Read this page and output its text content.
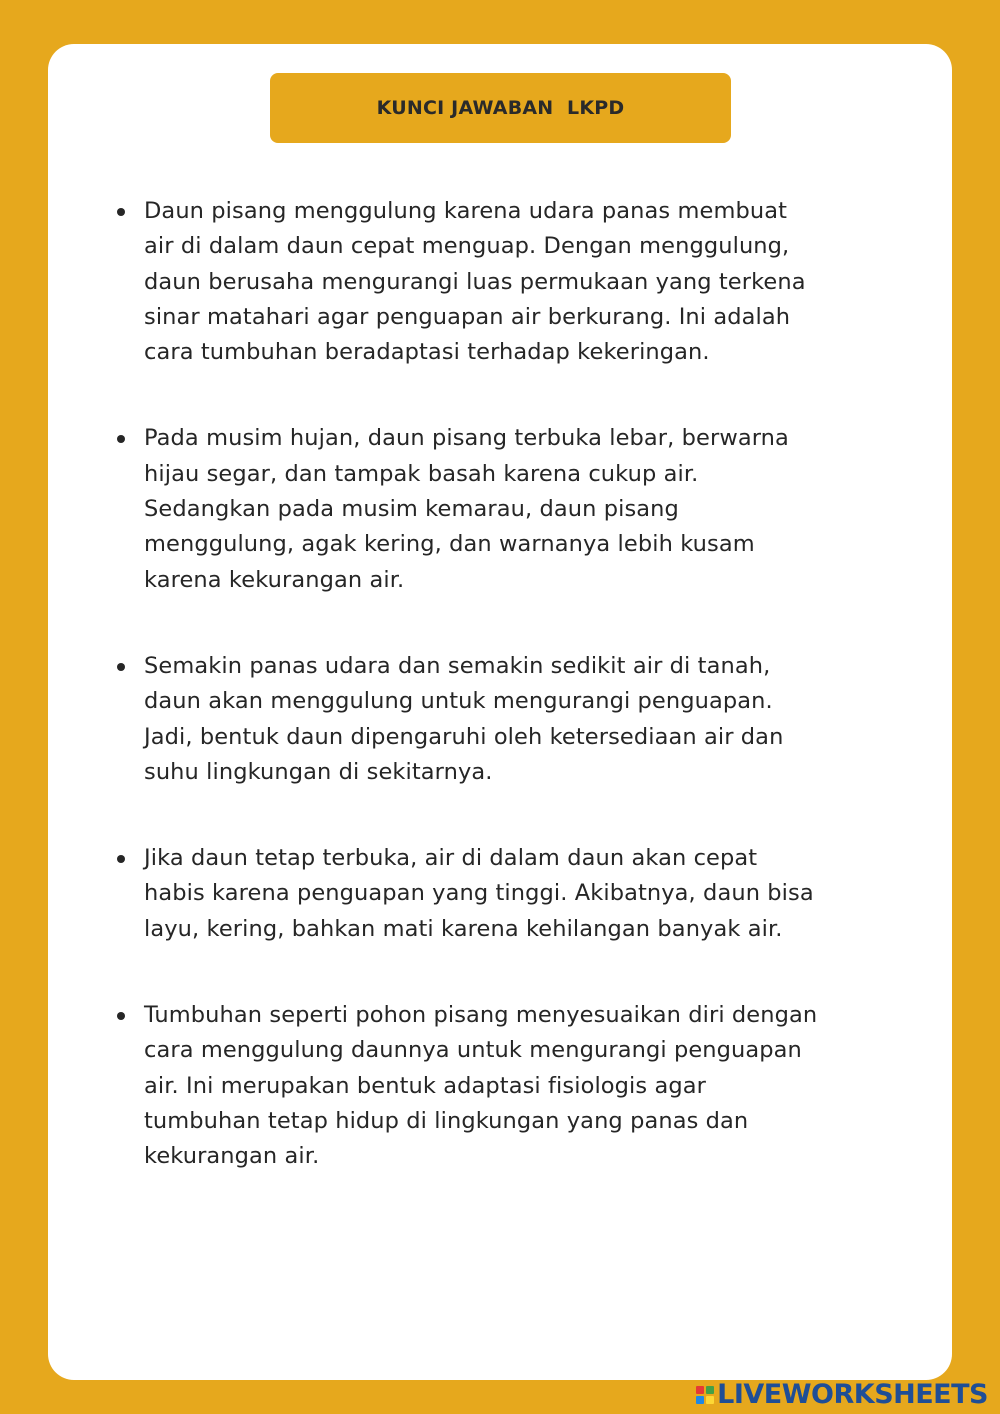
KUNCI JAWABAN  LKPD
Daun pisang menggulung karena udara panas membuat
air di dalam daun cepat menguap. Dengan menggulung,
daun berusaha mengurangi luas permukaan yang terkena
sinar matahari agar penguapan air berkurang. Ini adalah
cara tumbuhan beradaptasi terhadap kekeringan.
Pada musim hujan, daun pisang terbuka lebar, berwarna
hijau segar, dan tampak basah karena cukup air.
Sedangkan pada musim kemarau, daun pisang
menggulung, agak kering, dan warnanya lebih kusam
karena kekurangan air.
Semakin panas udara dan semakin sedikit air di tanah,
daun akan menggulung untuk mengurangi penguapan.
Jadi, bentuk daun dipengaruhi oleh ketersediaan air dan
suhu lingkungan di sekitarnya.
Jika daun tetap terbuka, air di dalam daun akan cepat
habis karena penguapan yang tinggi. Akibatnya, daun bisa
layu, kering, bahkan mati karena kehilangan banyak air.
Tumbuhan seperti pohon pisang menyesuaikan diri dengan
cara menggulung daunnya untuk mengurangi penguapan
air. Ini merupakan bentuk adaptasi fisiologis agar
tumbuhan tetap hidup di lingkungan yang panas dan
kekurangan air.
LIVEWORKSHEETS
